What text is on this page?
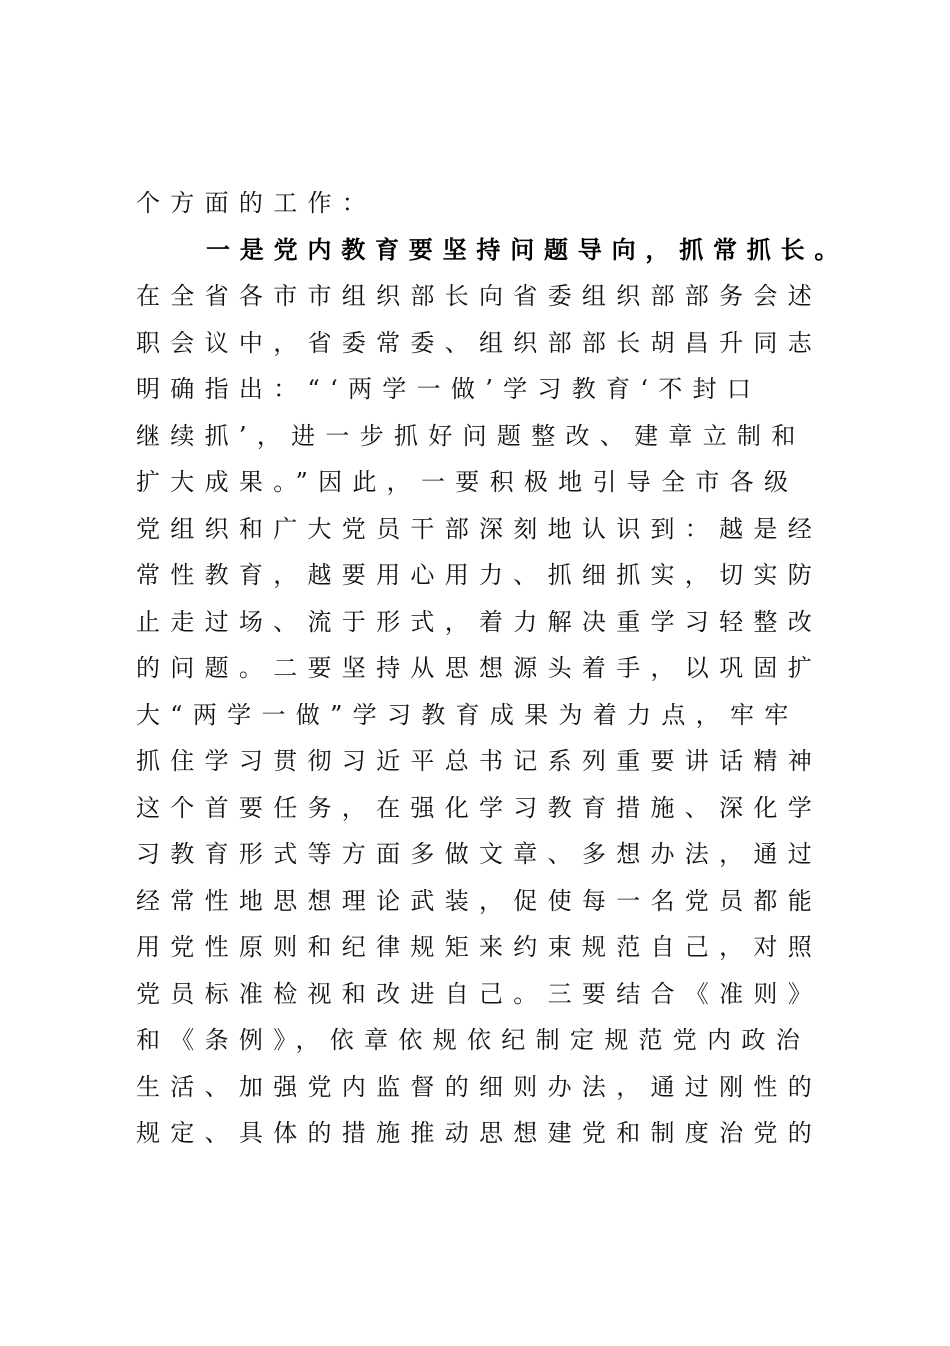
个方面的工作：
一是党内教育要坚持问题导向，抓常抓长。
在全省各市市组织部长向省委组织部部务会述
职会议中，省委常委、组织部部长胡昌升同志
明确指出：“‘两学一做’学习教育‘不封口
继续抓’，进一步抓好问题整改、建章立制和
扩大成果。”因此，一要积极地引导全市各级
党组织和广大党员干部深刻地认识到：越是经
常性教育，越要用心用力、抓细抓实，切实防
止走过场、流于形式，着力解决重学习轻整改
的问题。二要坚持从思想源头着手，以巩固扩
大“两学一做”学习教育成果为着力点，牢牢
抓住学习贯彻习近平总书记系列重要讲话精神
这个首要任务，在强化学习教育措施、深化学
习教育形式等方面多做文章、多想办法，通过
经常性地思想理论武装，促使每一名党员都能
用党性原则和纪律规矩来约束规范自己，对照
党员标准检视和改进自己。三要结合《准则》
和《条例》，依章依规依纪制定规范党内政治
生活、加强党内监督的细则办法，通过刚性的
规定、具体的措施推动思想建党和制度治党的
